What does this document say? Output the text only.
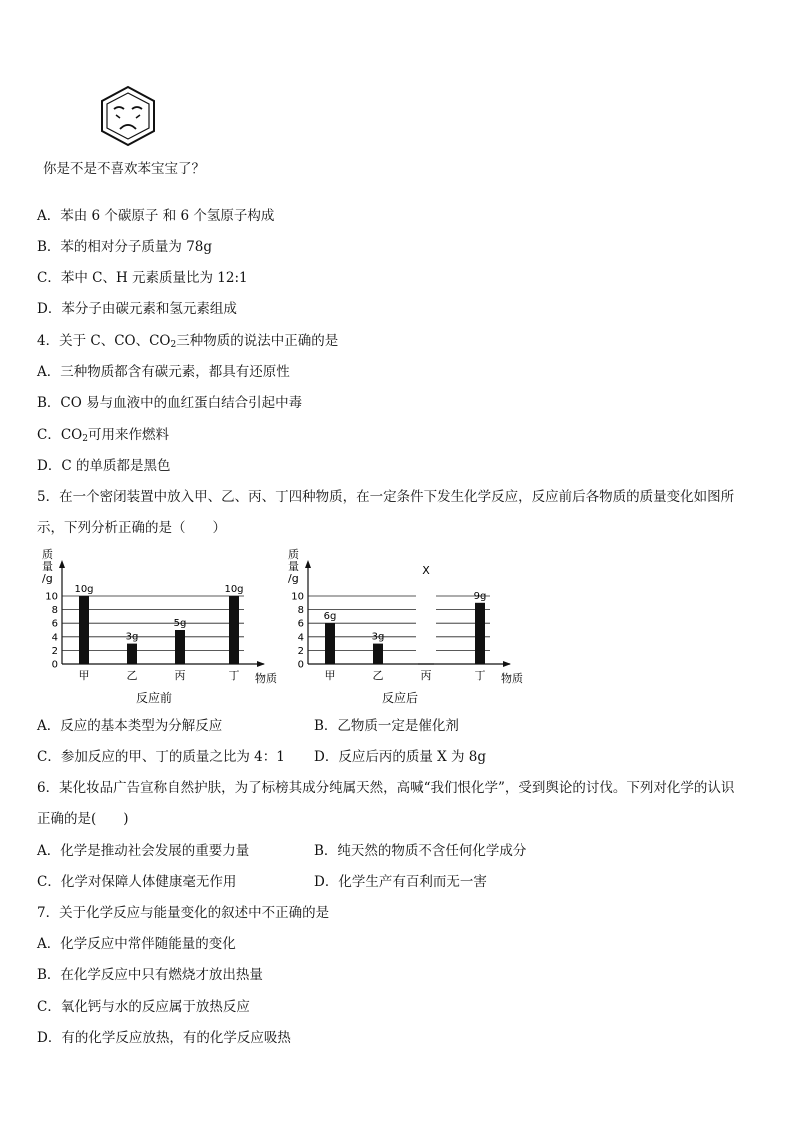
你是不是不喜欢苯宝宝了？
A．苯由 6 个碳原子 和 6 个氢原子构成
B．苯的相对分子质量为 78g
C．苯中 C、H 元素质量比为 12:1
D．苯分子由碳元素和氢元素组成
4．关于 C、CO、$CO_2$三种物质的说法中正确的是
A．三种物质都含有碳元素，都具有还原性
B．CO 易与血液中的血红蛋白结合引起中毒
C．$CO_2$可用来作燃料
D．C 的单质都是黑色
5．在一个密闭装置中放入甲、乙、丙、丁四种物质，在一定条件下发生化学反应，反应前后各物质的质量变化如图所
示，下列分析正确的是（　　）
质
量
/g
0
2
4
6
8
10
10g
甲
3g
乙
5g
丙
10g
丁 物质
反应前
质
量
/g
0
2
4
6
8
10
6g
甲
3g
乙
X
丙
9g
丁 物质
反应后
A．反应的基本类型为分解反应	B．乙物质一定是催化剂
C．参加反应的甲、丁的质量之比为 4：1 D．反应后丙的质量 X 为 8g
6．某化妆品广告宣称自然护肤，为了标榜其成分纯属天然，高喊“我们恨化学”，受到舆论的讨伐。下列对化学的认识
正确的是(　　)
A．化学是推动社会发展的重要力量	B．纯天然的物质不含任何化学成分
C．化学对保障人体健康毫无作用	D．化学生产有百利而无一害
7．关于化学反应与能量变化的叙述中不正确的是
A．化学反应中常伴随能量的变化
B．在化学反应中只有燃烧才放出热量
C．氧化钙与水的反应属于放热反应
D．有的化学反应放热，有的化学反应吸热
